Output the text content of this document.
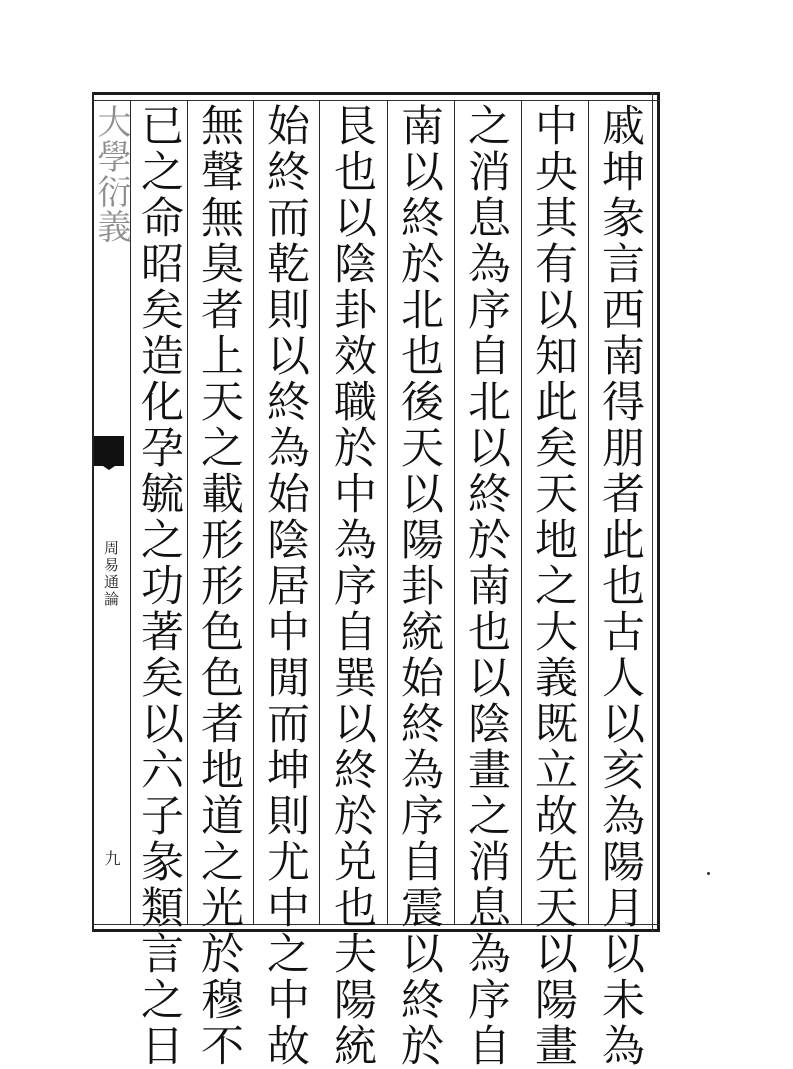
大學衍義
周易通論
九	戚坤彖言西南得朋者此也古人以亥為陽月以未為
中央其有以知此矣天地之大義既立故先天以陽畫
之消息為序自北以終於南也以陰畫之消息為序自
南以終於北也後天以陽卦統始終為序自震以終於
艮也以陰卦效職於中為序自巽以終於兑也夫陽統
始終而乾則以終為始陰居中閒而坤則尤中之中故
無聲無臭者上天之載形形色色者地道之光於穆不
已之命昭矣造化孕毓之功著矣以六子彖類言之日
